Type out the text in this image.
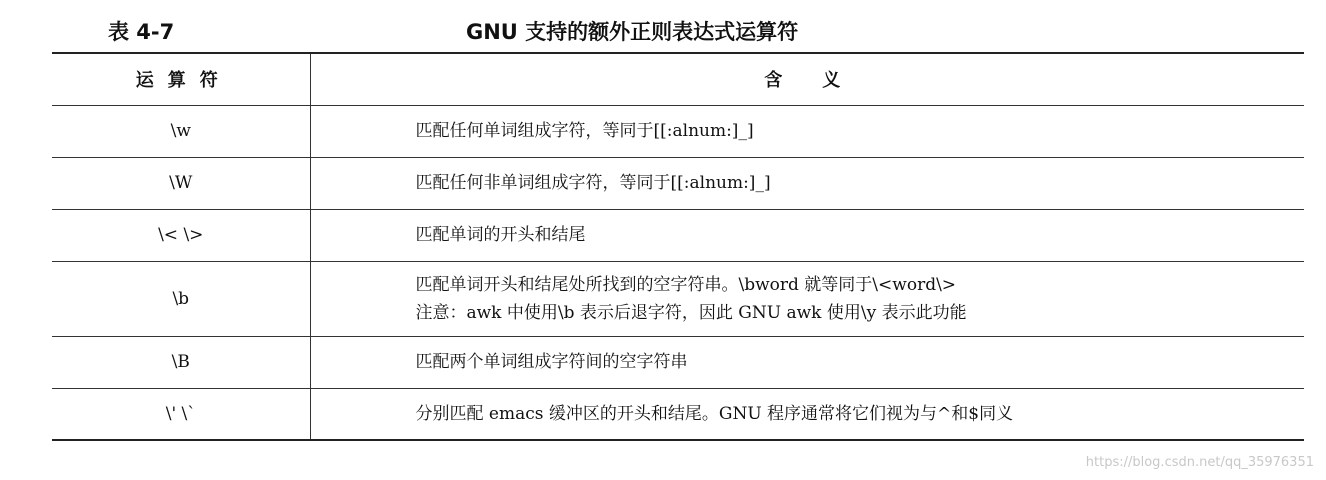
表 4-7	GNU 支持的额外正则表达式运算符
运算符	含义
\w	匹配任何单词组成字符，等同于[[:alnum:]_]

\W	匹配任何非单词组成字符，等同于[[:alnum:]_]

\< \>	匹配单词的开头和结尾

\b	匹配单词开头和结尾处所找到的空字符串。\bword 就等同于\<word\>
注意：awk 中使用\b 表示后退字符，因此 GNU awk 使用\y 表示此功能

\B	匹配两个单词组成字符间的空字符串

\' \`	分别匹配 emacs 缓冲区的开头和结尾。GNU 程序通常将它们视为与^和$同义
https://blog.csdn.net/qq_35976351
